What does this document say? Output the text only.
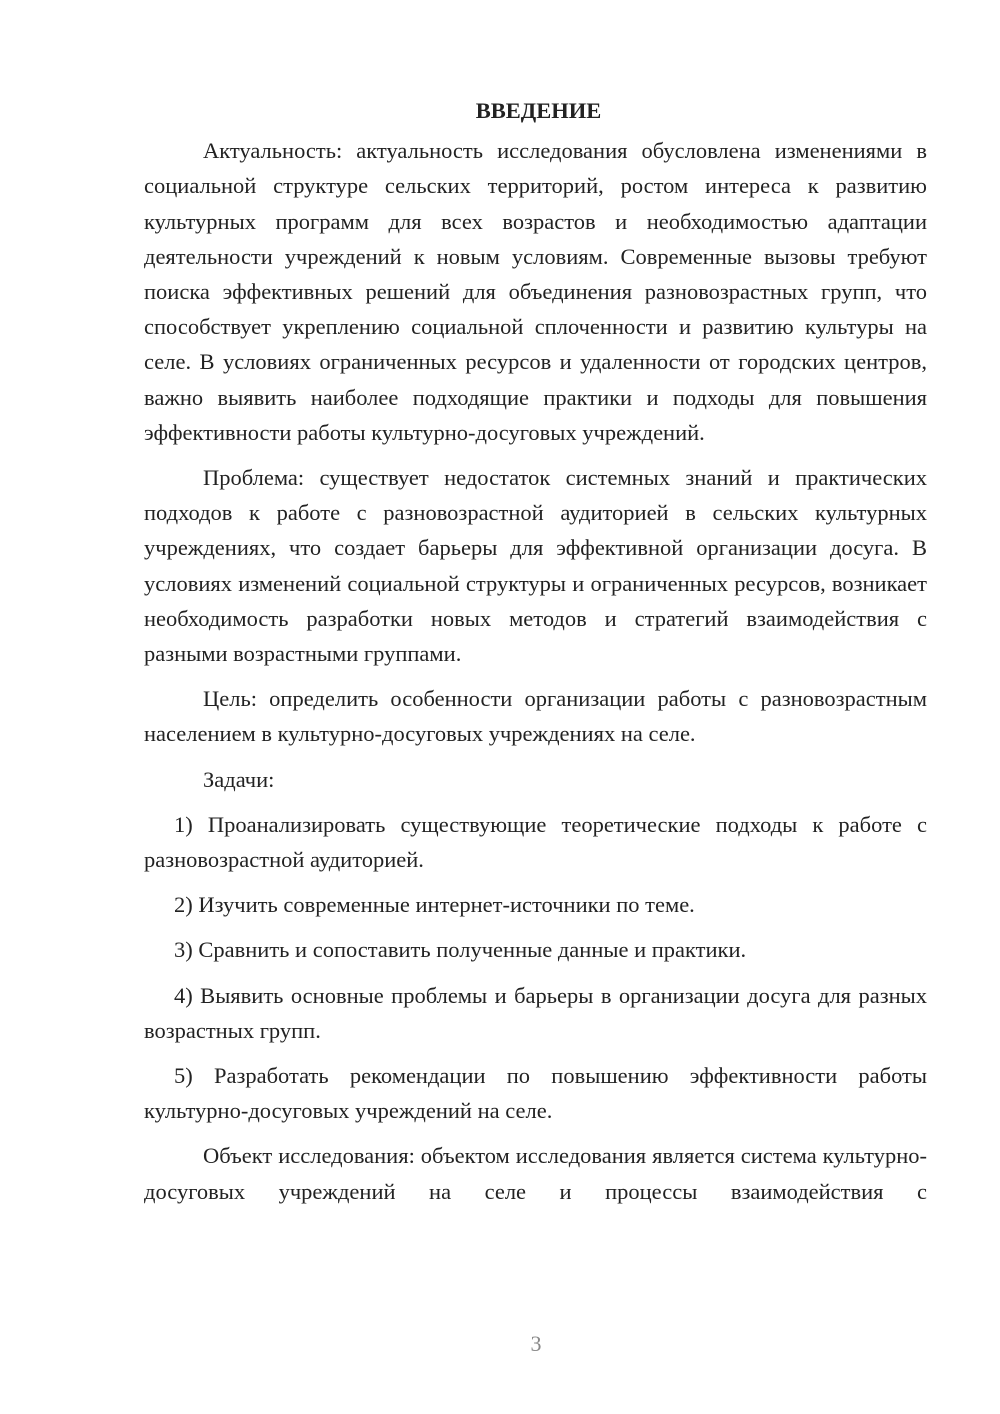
ВВЕДЕНИЕ

Актуальность: актуальность исследования обусловлена изменениями в социальной структуре сельских территорий, ростом интереса к развитию культурных программ для всех возрастов и необходимостью адаптации деятельности учреждений к новым условиям. Современные вызовы требуют поиска эффективных решений для объединения разновозрастных групп, что способствует укреплению социальной сплоченности и развитию культуры на селе. В условиях ограниченных ресурсов и удаленности от городских центров, важно выявить наиболее подходящие практики и подходы для повышения эффективности работы культурно-досуговых учреждений.

Проблема: существует недостаток системных знаний и практических подходов к работе с разновозрастной аудиторией в сельских культурных учреждениях, что создает барьеры для эффективной организации досуга. В условиях изменений социальной структуры и ограниченных ресурсов, возникает необходимость разработки новых методов и стратегий взаимодействия с разными возрастными группами.

Цель: определить особенности организации работы с разновозрастным населением в культурно-досуговых учреждениях на селе.

Задачи:

1) Проанализировать существующие теоретические подходы к работе с разновозрастной аудиторией.

2) Изучить современные интернет-источники по теме.

3) Сравнить и сопоставить полученные данные и практики.

4) Выявить основные проблемы и барьеры в организации досуга для разных возрастных групп.

5) Разработать рекомендации по повышению эффективности работы культурно-досуговых учреждений на селе.

Объект исследования: объектом исследования является система культурно-досуговых учреждений на селе и процессы взаимодействия с

3
